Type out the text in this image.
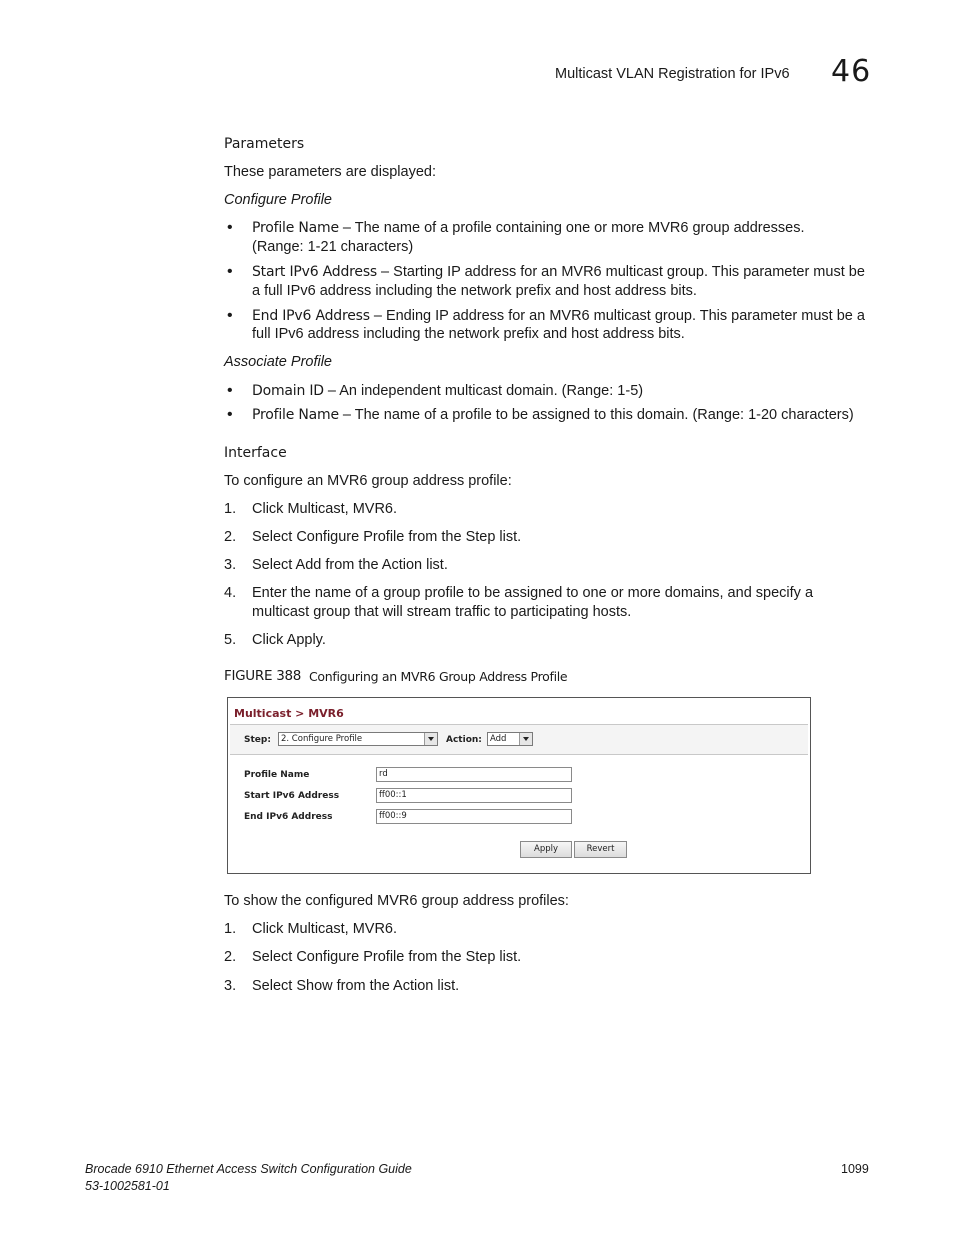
Multicast VLAN Registration for IPv6 46
Parameters
These parameters are displayed:
Configure Profile
• Profile Name – The name of a profile containing one or more MVR6 group addresses.
(Range: 1-21 characters)
• Start IPv6 Address – Starting IP address for an MVR6 multicast group. This parameter must be
a full IPv6 address including the network prefix and host address bits.
• End IPv6 Address – Ending IP address for an MVR6 multicast group. This parameter must be a
full IPv6 address including the network prefix and host address bits.
Associate Profile
• Domain ID – An independent multicast domain. (Range: 1-5)
• Profile Name – The name of a profile to be assigned to this domain. (Range: 1-20 characters)
Interface
To configure an MVR6 group address profile:
1. Click Multicast, MVR6.
2. Select Configure Profile from the Step list.
3. Select Add from the Action list.
4. Enter the name of a group profile to be assigned to one or more domains, and specify a
multicast group that will stream traffic to participating hosts.
5. Click Apply.
FIGURE 388 Configuring an MVR6 Group Address Profile
Multicast > MVR6
Step:	2. Configure Profile	Action: Add
Profile Name	rd
Start IPv6 Address	ff00::1
End IPv6 Address	ff00::9
Apply	Revert
To show the configured MVR6 group address profiles:
1. Click Multicast, MVR6.
2. Select Configure Profile from the Step list.
3. Select Show from the Action list.
Brocade 6910 Ethernet Access Switch Configuration Guide
53-1002581-01
1099
